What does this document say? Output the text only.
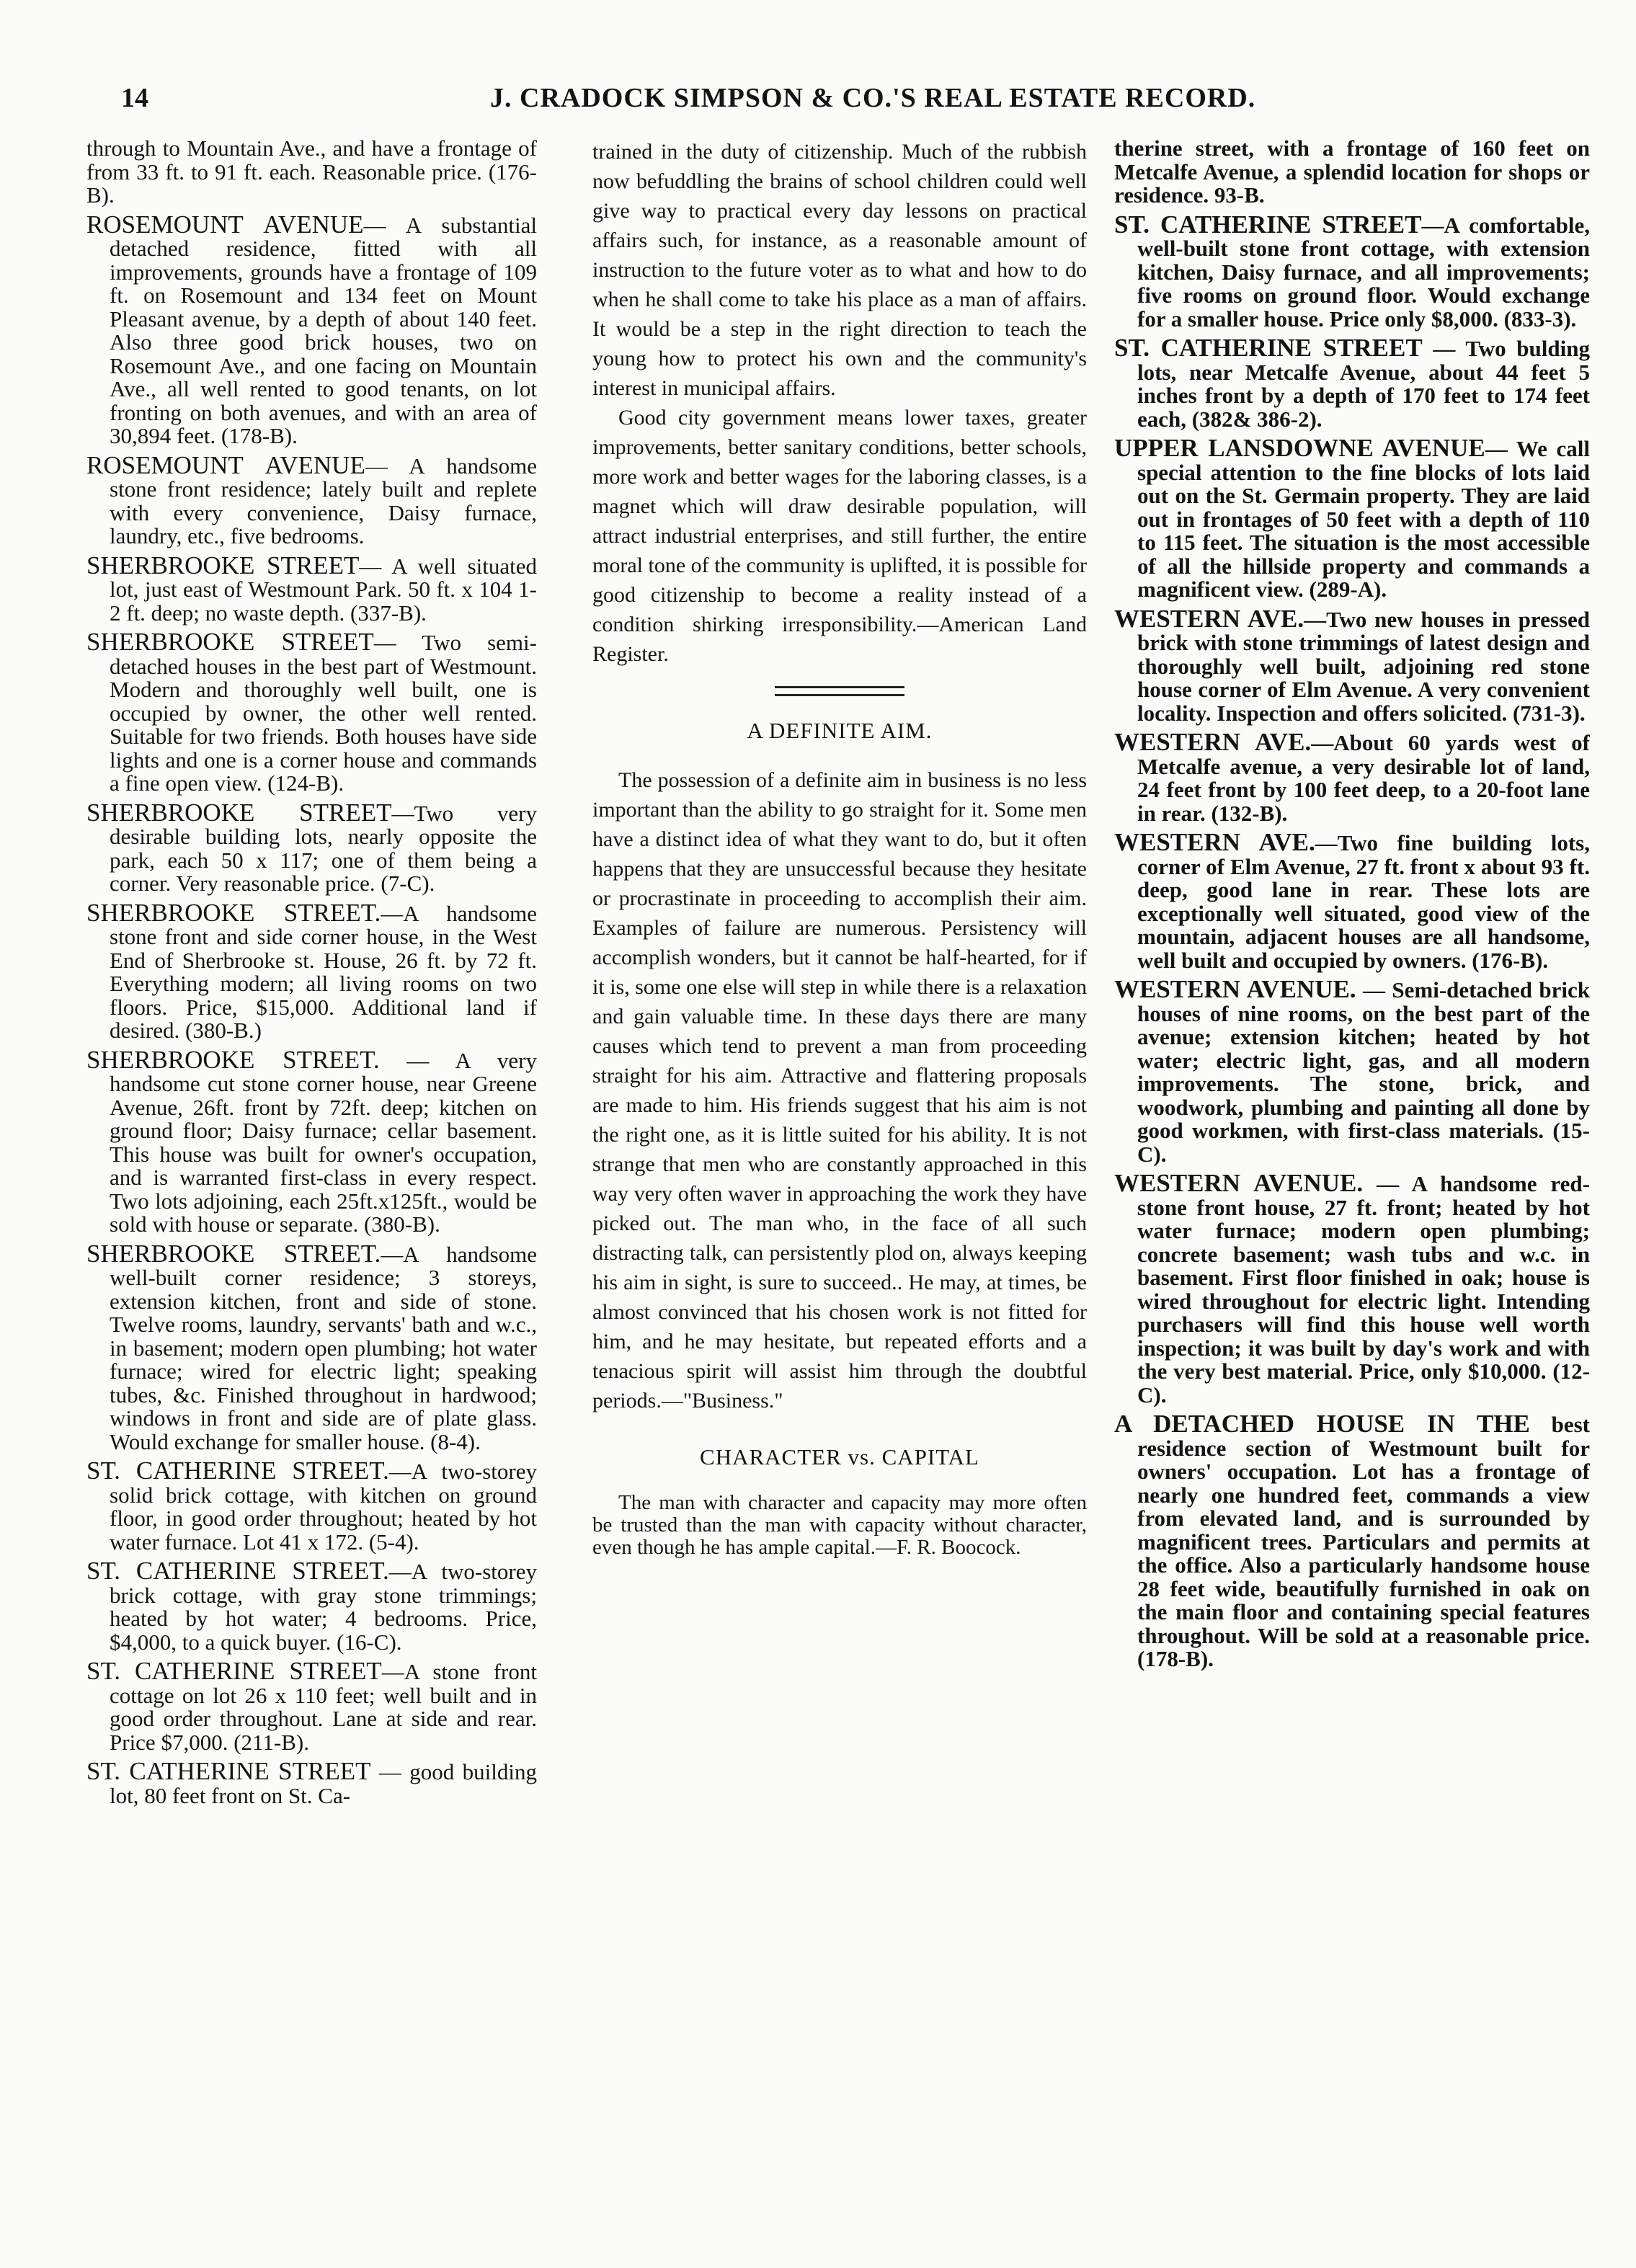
14	J. CRADOCK SIMPSON & CO.'S REAL ESTATE RECORD.

through to Mountain Ave., and have a frontage of from 33 ft. to 91 ft. each. Reasonable price. (176-B).

ROSEMOUNT AVENUE— A substantial detached residence, fitted with all improvements, grounds have a frontage of 109 ft. on Rosemount and 134 feet on Mount Pleasant avenue, by a depth of about 140 feet. Also three good brick houses, two on Rosemount Ave., and one facing on Mountain Ave., all well rented to good tenants, on lot fronting on both avenues, and with an area of 30,894 feet. (178-B).

ROSEMOUNT AVENUE— A handsome stone front residence; lately built and replete with every convenience, Daisy furnace, laundry, etc., five bedrooms.

SHERBROOKE STREET— A well situated lot, just east of Westmount Park. 50 ft. x 104 1-2 ft. deep; no waste depth. (337-B).

SHERBROOKE STREET— Two semi-detached houses in the best part of Westmount. Modern and thoroughly well built, one is occupied by owner, the other well rented. Suitable for two friends. Both houses have side lights and one is a corner house and commands a fine open view. (124-B).

SHERBROOKE STREET—Two very desirable building lots, nearly opposite the park, each 50 x 117; one of them being a corner. Very reasonable price. (7-C).

SHERBROOKE STREET.—A handsome stone front and side corner house, in the West End of Sherbrooke st. House, 26 ft. by 72 ft. Everything modern; all living rooms on two floors. Price, $15,000. Additional land if desired. (380-B.)

SHERBROOKE STREET. — A very handsome cut stone corner house, near Greene Avenue, 26ft. front by 72ft. deep; kitchen on ground floor; Daisy furnace; cellar basement. This house was built for owner's occupation, and is warranted first-class in every respect. Two lots adjoining, each 25ft.x125ft., would be sold with house or separate. (380-B).

SHERBROOKE STREET.—A handsome well-built corner residence; 3 storeys, extension kitchen, front and side of stone. Twelve rooms, laundry, servants' bath and w.c., in basement; modern open plumbing; hot water furnace; wired for electric light; speaking tubes, &c. Finished throughout in hardwood; windows in front and side are of plate glass. Would exchange for smaller house. (8-4).

ST. CATHERINE STREET.—A two-storey solid brick cottage, with kitchen on ground floor, in good order throughout; heated by hot water furnace. Lot 41 x 172. (5-4).

ST. CATHERINE STREET.—A two-storey brick cottage, with gray stone trimmings; heated by hot water; 4 bedrooms. Price, $4,000, to a quick buyer. (16-C).

ST. CATHERINE STREET—A stone front cottage on lot 26 x 110 feet; well built and in good order throughout. Lane at side and rear. Price $7,000. (211-B).

ST. CATHERINE STREET — good building lot, 80 feet front on St. Ca-

trained in the duty of citizenship. Much of the rubbish now befuddling the brains of school children could well give way to practical every day lessons on practical affairs such, for instance, as a reasonable amount of instruction to the future voter as to what and how to do when he shall come to take his place as a man of affairs. It would be a step in the right direction to teach the young how to protect his own and the community's interest in municipal affairs.

Good city government means lower taxes, greater improvements, better sanitary conditions, better schools, more work and better wages for the laboring classes, is a magnet which will draw desirable population, will attract industrial enterprises, and still further, the entire moral tone of the community is uplifted, it is possible for good citizenship to become a reality instead of a condition shirking irresponsibility.—American Land Register.

A DEFINITE AIM.

The possession of a definite aim in business is no less important than the ability to go straight for it. Some men have a distinct idea of what they want to do, but it often happens that they are unsuccessful because they hesitate or procrastinate in proceeding to accomplish their aim. Examples of failure are numerous. Persistency will accomplish wonders, but it cannot be half-hearted, for if it is, some one else will step in while there is a relaxation and gain valuable time. In these days there are many causes which tend to prevent a man from proceeding straight for his aim. Attractive and flattering proposals are made to him. His friends suggest that his aim is not the right one, as it is little suited for his ability. It is not strange that men who are constantly approached in this way very often waver in approaching the work they have picked out. The man who, in the face of all such distracting talk, can persistently plod on, always keeping his aim in sight, is sure to succeed.. He may, at times, be almost convinced that his chosen work is not fitted for him, and he may hesitate, but repeated efforts and a tenacious spirit will assist him through the doubtful periods.—"Business."

CHARACTER vs. CAPITAL

The man with character and capacity may more often be trusted than the man with capacity without character, even though he has ample capital.—F. R. Boocock.

therine street, with a frontage of 160 feet on Metcalfe Avenue, a splendid location for shops or residence. 93-B.

ST. CATHERINE STREET—A comfortable, well-built stone front cottage, with extension kitchen, Daisy furnace, and all improvements; five rooms on ground floor. Would exchange for a smaller house. Price only $8,000. (833-3).

ST. CATHERINE STREET — Two bulding lots, near Metcalfe Avenue, about 44 feet 5 inches front by a depth of 170 feet to 174 feet each, (382& 386-2).

UPPER LANSDOWNE AVENUE— We call special attention to the fine blocks of lots laid out on the St. Germain property. They are laid out in frontages of 50 feet with a depth of 110 to 115 feet. The situation is the most accessible of all the hillside property and commands a magnificent view. (289-A).

WESTERN AVE.—Two new houses in pressed brick with stone trimmings of latest design and thoroughly well built, adjoining red stone house corner of Elm Avenue. A very convenient locality. Inspection and offers solicited. (731-3).

WESTERN AVE.—About 60 yards west of Metcalfe avenue, a very desirable lot of land, 24 feet front by 100 feet deep, to a 20-foot lane in rear. (132-B).

WESTERN AVE.—Two fine building lots, corner of Elm Avenue, 27 ft. front x about 93 ft. deep, good lane in rear. These lots are exceptionally well situated, good view of the mountain, adjacent houses are all handsome, well built and occupied by owners. (176-B).

WESTERN AVENUE. — Semi-detached brick houses of nine rooms, on the best part of the avenue; extension kitchen; heated by hot water; electric light, gas, and all modern improvements. The stone, brick, and woodwork, plumbing and painting all done by good workmen, with first-class materials. (15-C).

WESTERN AVENUE. — A handsome red-stone front house, 27 ft. front; heated by hot water furnace; modern open plumbing; concrete basement; wash tubs and w.c. in basement. First floor finished in oak; house is wired throughout for electric light. Intending purchasers will find this house well worth inspection; it was built by day's work and with the very best material. Price, only $10,000. (12-C).

A DETACHED HOUSE IN THE best residence section of Westmount built for owners' occupation. Lot has a frontage of nearly one hundred feet, commands a view from elevated land, and is surrounded by magnificent trees. Particulars and permits at the office. Also a particularly handsome house 28 feet wide, beautifully furnished in oak on the main floor and containing special features throughout. Will be sold at a reasonable price. (178-B).
